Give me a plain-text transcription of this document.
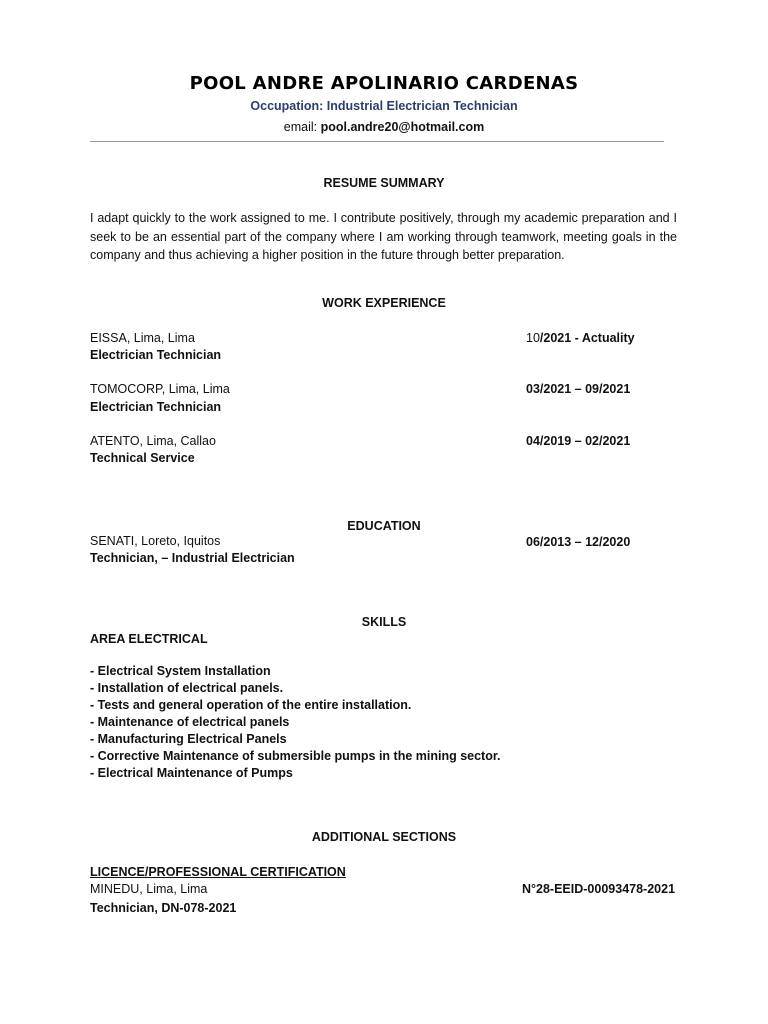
POOL ANDRE APOLINARIO CARDENAS
Occupation: Industrial Electrician Technician
email: pool.andre20@hotmail.com
RESUME SUMMARY
I adapt quickly to the work assigned to me. I contribute positively, through my academic preparation and I seek to be an essential part of the company where I am working through teamwork, meeting goals in the company and thus achieving a higher position in the future through better preparation.
WORK EXPERIENCE
EISSA, Lima, Lima
Electrician Technician
10/2021 - Actuality
TOMOCORP, Lima, Lima
Electrician Technician
03/2021 – 09/2021
ATENTO, Lima, Callao
Technical Service
04/2019 – 02/2021
EDUCATION
SENATI, Loreto, Iquitos
Technician, – Industrial Electrician
06/2013 – 12/2020
SKILLS
AREA ELECTRICAL
- Electrical System Installation
- Installation of electrical panels.
- Tests and general operation of the entire installation.
- Maintenance of electrical panels
- Manufacturing Electrical Panels
- Corrective Maintenance of submersible pumps in the mining sector.
- Electrical Maintenance of Pumps
ADDITIONAL SECTIONS
LICENCE/PROFESSIONAL CERTIFICATION
MINEDU, Lima, Lima
Technician, DN-078-2021
N°28-EEID-00093478-2021
